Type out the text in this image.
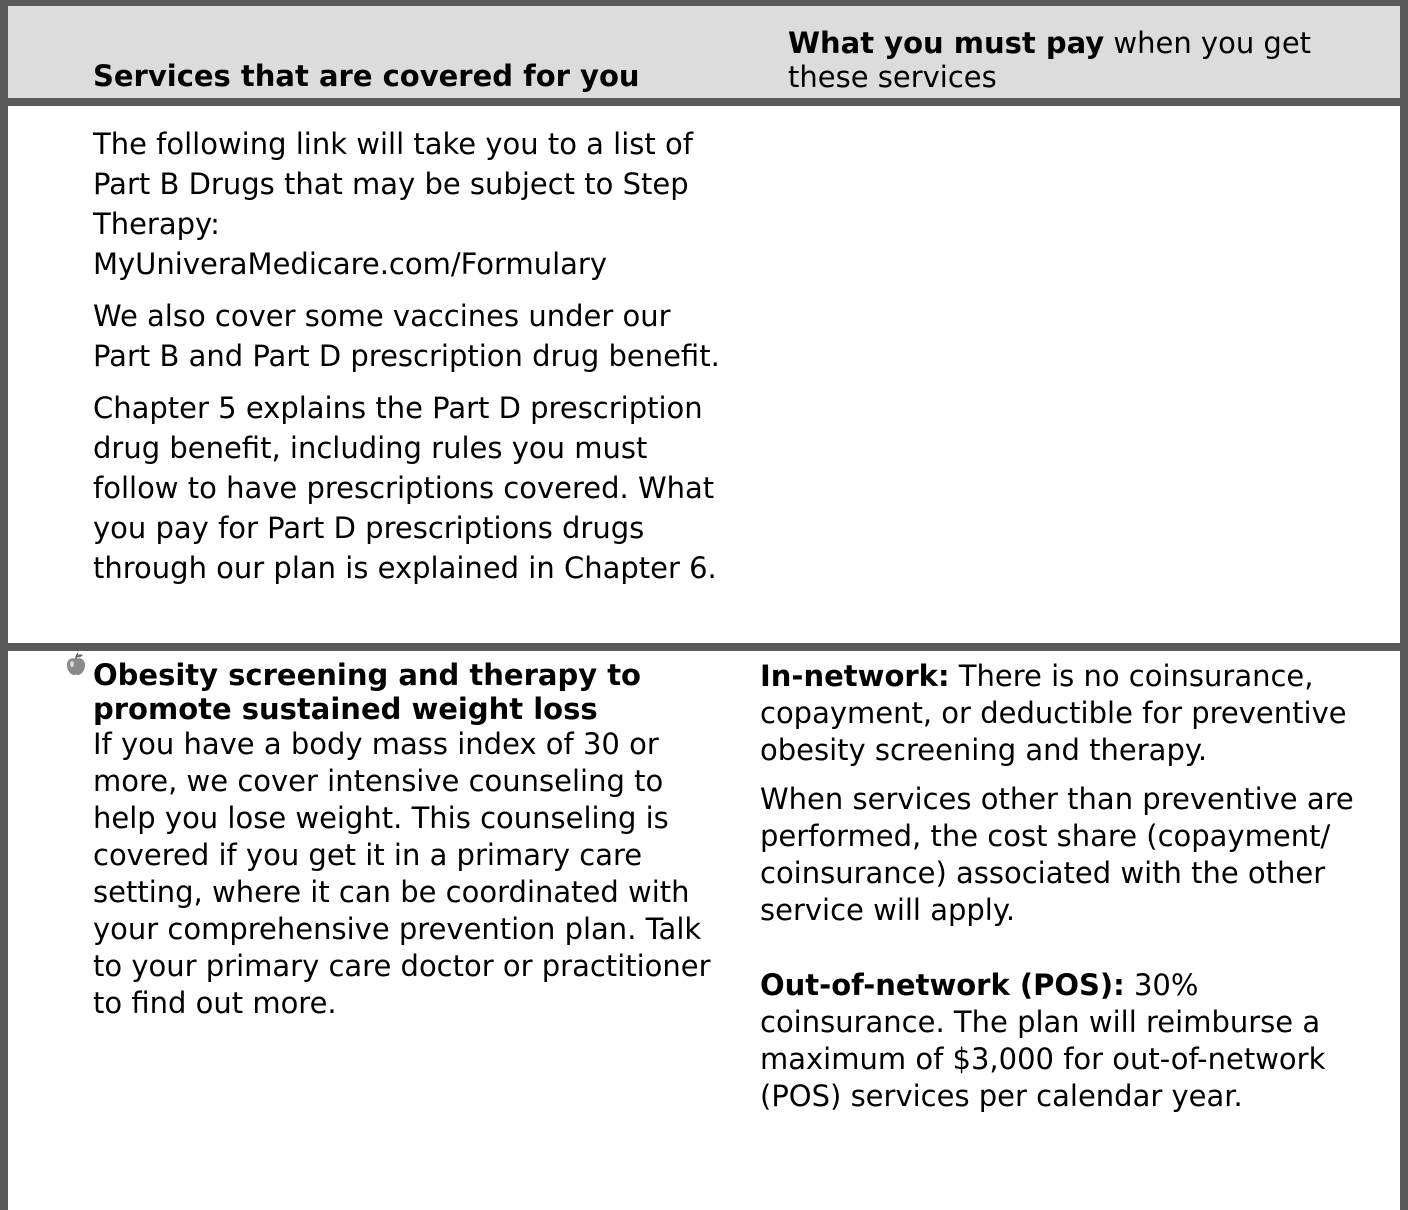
Services that are covered for you
What you must pay when you get these services
The following link will take you to a list of Part B Drugs that may be subject to Step Therapy:
MyUniveraMedicare.com/Formulary
We also cover some vaccines under our Part B and Part D prescription drug benefit.
Chapter 5 explains the Part D prescription drug benefit, including rules you must follow to have prescriptions covered. What you pay for Part D prescriptions drugs through our plan is explained in Chapter 6.
Obesity screening and therapy to promote sustained weight loss
If you have a body mass index of 30 or more, we cover intensive counseling to help you lose weight. This counseling is covered if you get it in a primary care setting, where it can be coordinated with your comprehensive prevention plan. Talk to your primary care doctor or practitioner to find out more.
In-network: There is no coinsurance, copayment, or deductible for preventive obesity screening and therapy.
When services other than preventive are performed, the cost share (copayment/ coinsurance) associated with the other service will apply.
Out-of-network (POS): 30% coinsurance. The plan will reimburse a maximum of $3,000 for out-of-network (POS) services per calendar year.
